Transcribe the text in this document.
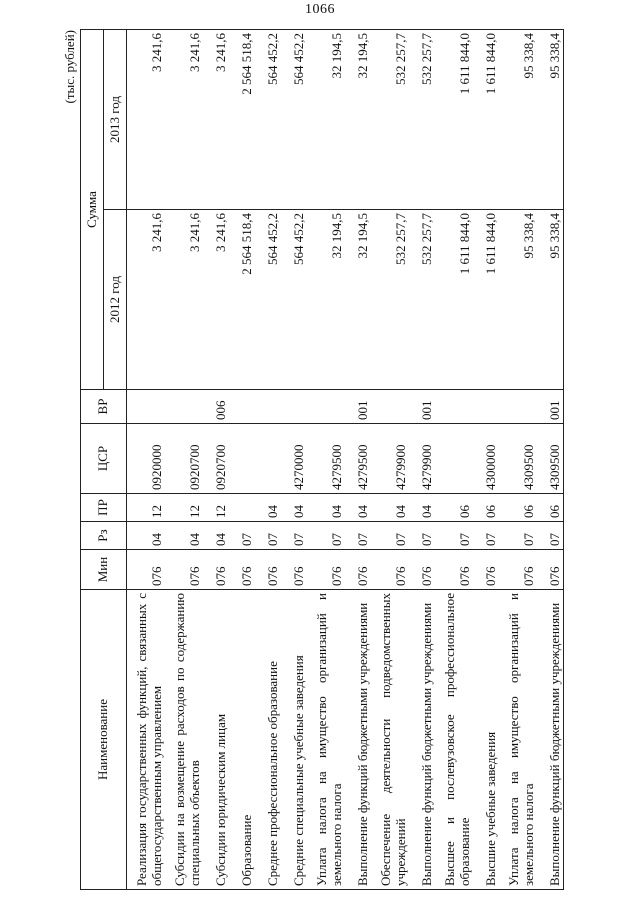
1066
(тыс. рублей)
Наименование	Мин	Рз	ПР	ЦСР	ВР	Сумма	
						2012 год	2013 год
Реализация государственных функций, связанных с общегосударственным управлением	076	04	12	0920000		3 241,6	3 241,6
Субсидии на возмещение расходов по содержанию специальных объектов	076	04	12	0920700		3 241,6	3 241,6
Субсидии юридическим лицам	076	04	12	0920700	006	3 241,6	3 241,6
Образование	076	07				2 564 518,4	2 564 518,4
Среднее профессиональное образование	076	07	04			564 452,2	564 452,2
Средние специальные учебные заведения	076	07	04	4270000		564 452,2	564 452,2
Уплата налога на имущество организаций и земельного налога	076	07	04	4279500		32 194,5	32 194,5
Выполнение функций бюджетными учреждениями	076	07	04	4279500	001	32 194,5	32 194,5
Обеспечение деятельности подведомственных учреждений	076	07	04	4279900		532 257,7	532 257,7
Выполнение функций бюджетными учреждениями	076	07	04	4279900	001	532 257,7	532 257,7
Высшее и послевузовское профессиональное образование	076	07	06			1 611 844,0	1 611 844,0
Высшие учебные заведения	076	07	06	4300000		1 611 844,0	1 611 844,0
Уплата налога на имущество организаций и земельного налога	076	07	06	4309500		95 338,4	95 338,4
Выполнение функций бюджетными учреждениями	076	07	06	4309500	001	95 338,4	95 338,4
